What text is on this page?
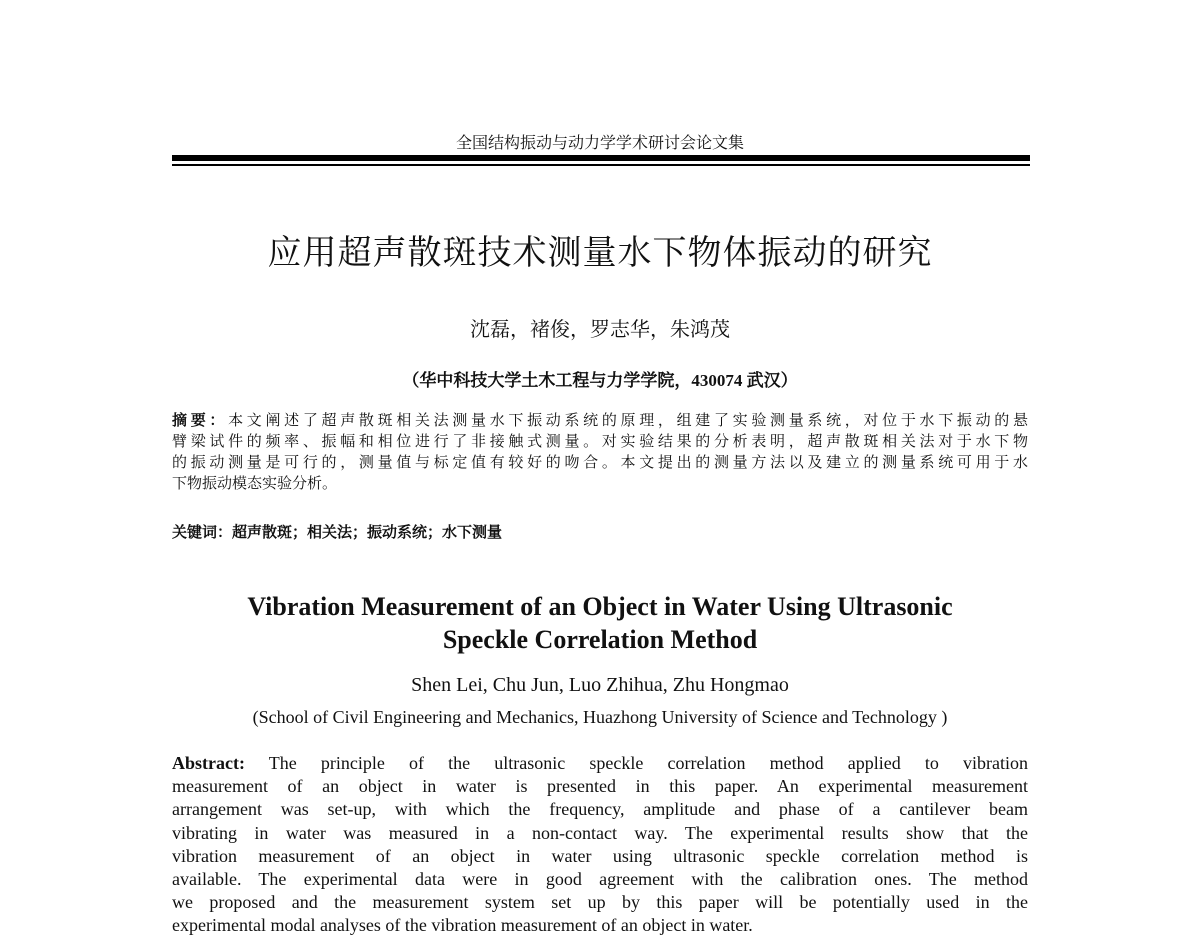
全国结构振动与动力学学术研讨会论文集
应用超声散斑技术测量水下物体振动的研究
沈磊，褚俊，罗志华，朱鸿茂
（华中科技大学土木工程与力学学院，430074 武汉）
摘要：本文阐述了超声散斑相关法测量水下振动系统的原理，组建了实验测量系统，对位于水下振动的悬
臂梁试件的频率、振幅和相位进行了非接触式测量。对实验结果的分析表明，超声散斑相关法对于水下物
的振动测量是可行的，测量值与标定值有较好的吻合。本文提出的测量方法以及建立的测量系统可用于水
下物振动模态实验分析。
关键词：超声散斑；相关法；振动系统；水下测量
Vibration Measurement of an Object in Water Using Ultrasonic
Speckle Correlation Method
Shen Lei, Chu Jun, Luo Zhihua, Zhu Hongmao
(School of Civil Engineering and Mechanics, Huazhong University of Science and Technology )
Abstract: The principle of the ultrasonic speckle correlation method applied to vibration
measurement of an object in water is presented in this paper. An experimental measurement
arrangement was set-up, with which the frequency, amplitude and phase of a cantilever beam
vibrating in water was measured in a non-contact way. The experimental results show that the
vibration measurement of an object in water using ultrasonic speckle correlation method is
available. The experimental data were in good agreement with the calibration ones. The method
we proposed and the measurement system set up by this paper will be potentially used in the
experimental modal analyses of the vibration measurement of an object in water.
